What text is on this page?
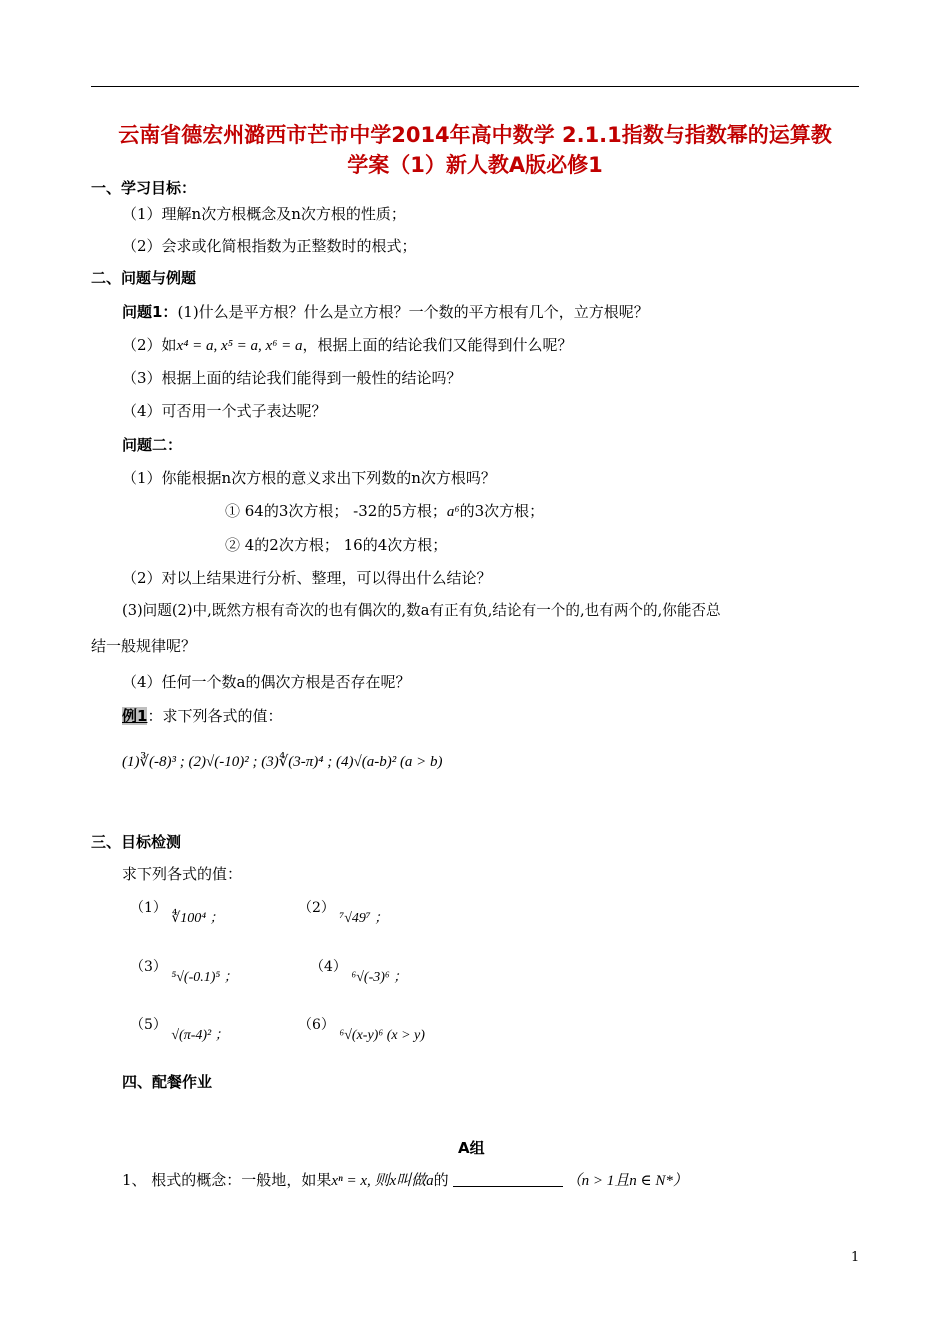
云南省德宏州潞西市芒市中学2014年高中数学 2.1.1指数与指数幂的运算教
学案（1）新人教A版必修1
一、学习目标：
（1）理解n次方根概念及n次方根的性质；
（2）会求或化简根指数为正整数时的根式；
二、问题与例题
问题1：(1)什么是平方根？什么是立方根？一个数的平方根有几个，立方根呢？
（2）如x⁴ = a, x⁵ = a, x⁶ = a，根据上面的结论我们又能得到什么呢？
（3）根据上面的结论我们能得到一般性的结论吗？
（4）可否用一个式子表达呢？
问题二：
（1）你能根据n次方根的意义求出下列数的n次方根吗？
① 64的3次方根； -32的5方根；a⁶的3次方根；
② 4的2次方根； 16的4次方根；
（2）对以上结果进行分析、整理，可以得出什么结论？
(3)问题(2)中,既然方根有奇次的也有偶次的,数a有正有负,结论有一个的,也有两个的,你能否总
结一般规律呢？
（4）任何一个数a的偶次方根是否存在呢？
例1：求下列各式的值：
(1)∛(-8)³ ; (2)√(-10)² ; (3)∜(3-π)⁴ ; (4)√(a-b)² (a > b)
三、目标检测
求下列各式的值：
（1） ∜100⁴ ；
（2） ⁷√49⁷ ；
（3） ⁵√(-0.1)⁵ ；
（4） ⁶√(-3)⁶ ；
（5） √(π-4)² ；
（6） ⁶√(x-y)⁶ (x > y)
四、配餐作业
A组
1、 根式的概念：一般地，如果xⁿ = x, 则x叫做a的	（n > 1且n ∈ N*）
1
